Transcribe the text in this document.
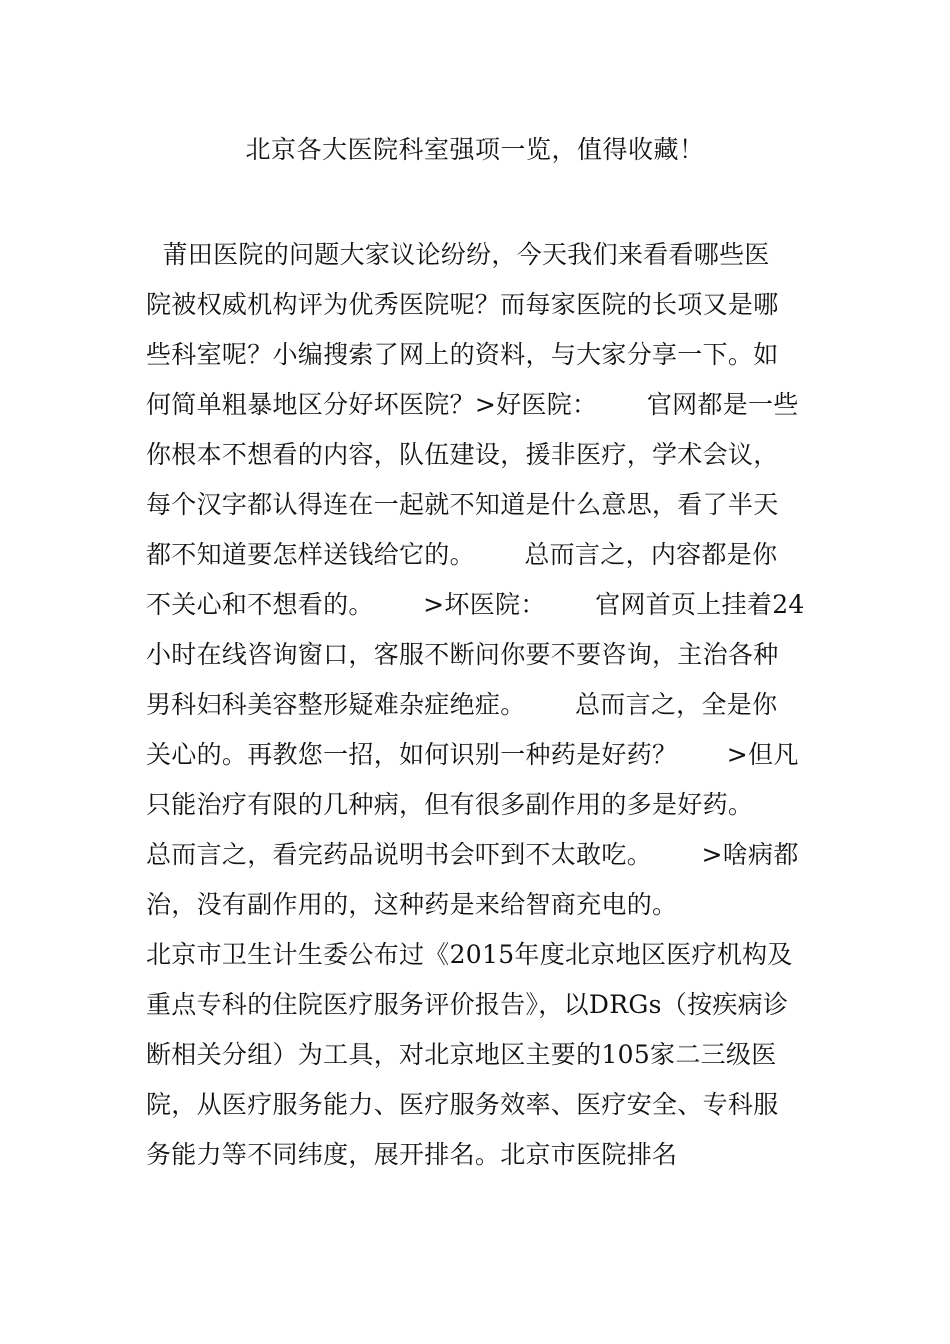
北京各大医院科室强项一览，值得收藏！

莆田医院的问题大家议论纷纷，今天我们来看看哪些医

院被权威机构评为优秀医院呢？而每家医院的长项又是哪

些科室呢？小编搜索了网上的资料，与大家分享一下。如

何简单粗暴地区分好坏医院？>好医院：      官网都是一些

你根本不想看的内容，队伍建设，援非医疗，学术会议，

每个汉字都认得连在一起就不知道是什么意思，看了半天

都不知道要怎样送钱给它的。      总而言之，内容都是你

不关心和不想看的。      >坏医院：      官网首页上挂着24

小时在线咨询窗口，客服不断问你要不要咨询，主治各种

男科妇科美容整形疑难杂症绝症。      总而言之，全是你

关心的。再教您一招，如何识别一种药是好药？      >但凡

只能治疗有限的几种病，但有很多副作用的多是好药。

总而言之，看完药品说明书会吓到不太敢吃。      >啥病都

治，没有副作用的，这种药是来给智商充电的。

北京市卫生计生委公布过《2015年度北京地区医疗机构及

重点专科的住院医疗服务评价报告》，以DRGs（按疾病诊

断相关分组）为工具，对北京地区主要的105家二三级医

院，从医疗服务能力、医疗服务效率、医疗安全、专科服

务能力等不同纬度，展开排名。北京市医院排名
